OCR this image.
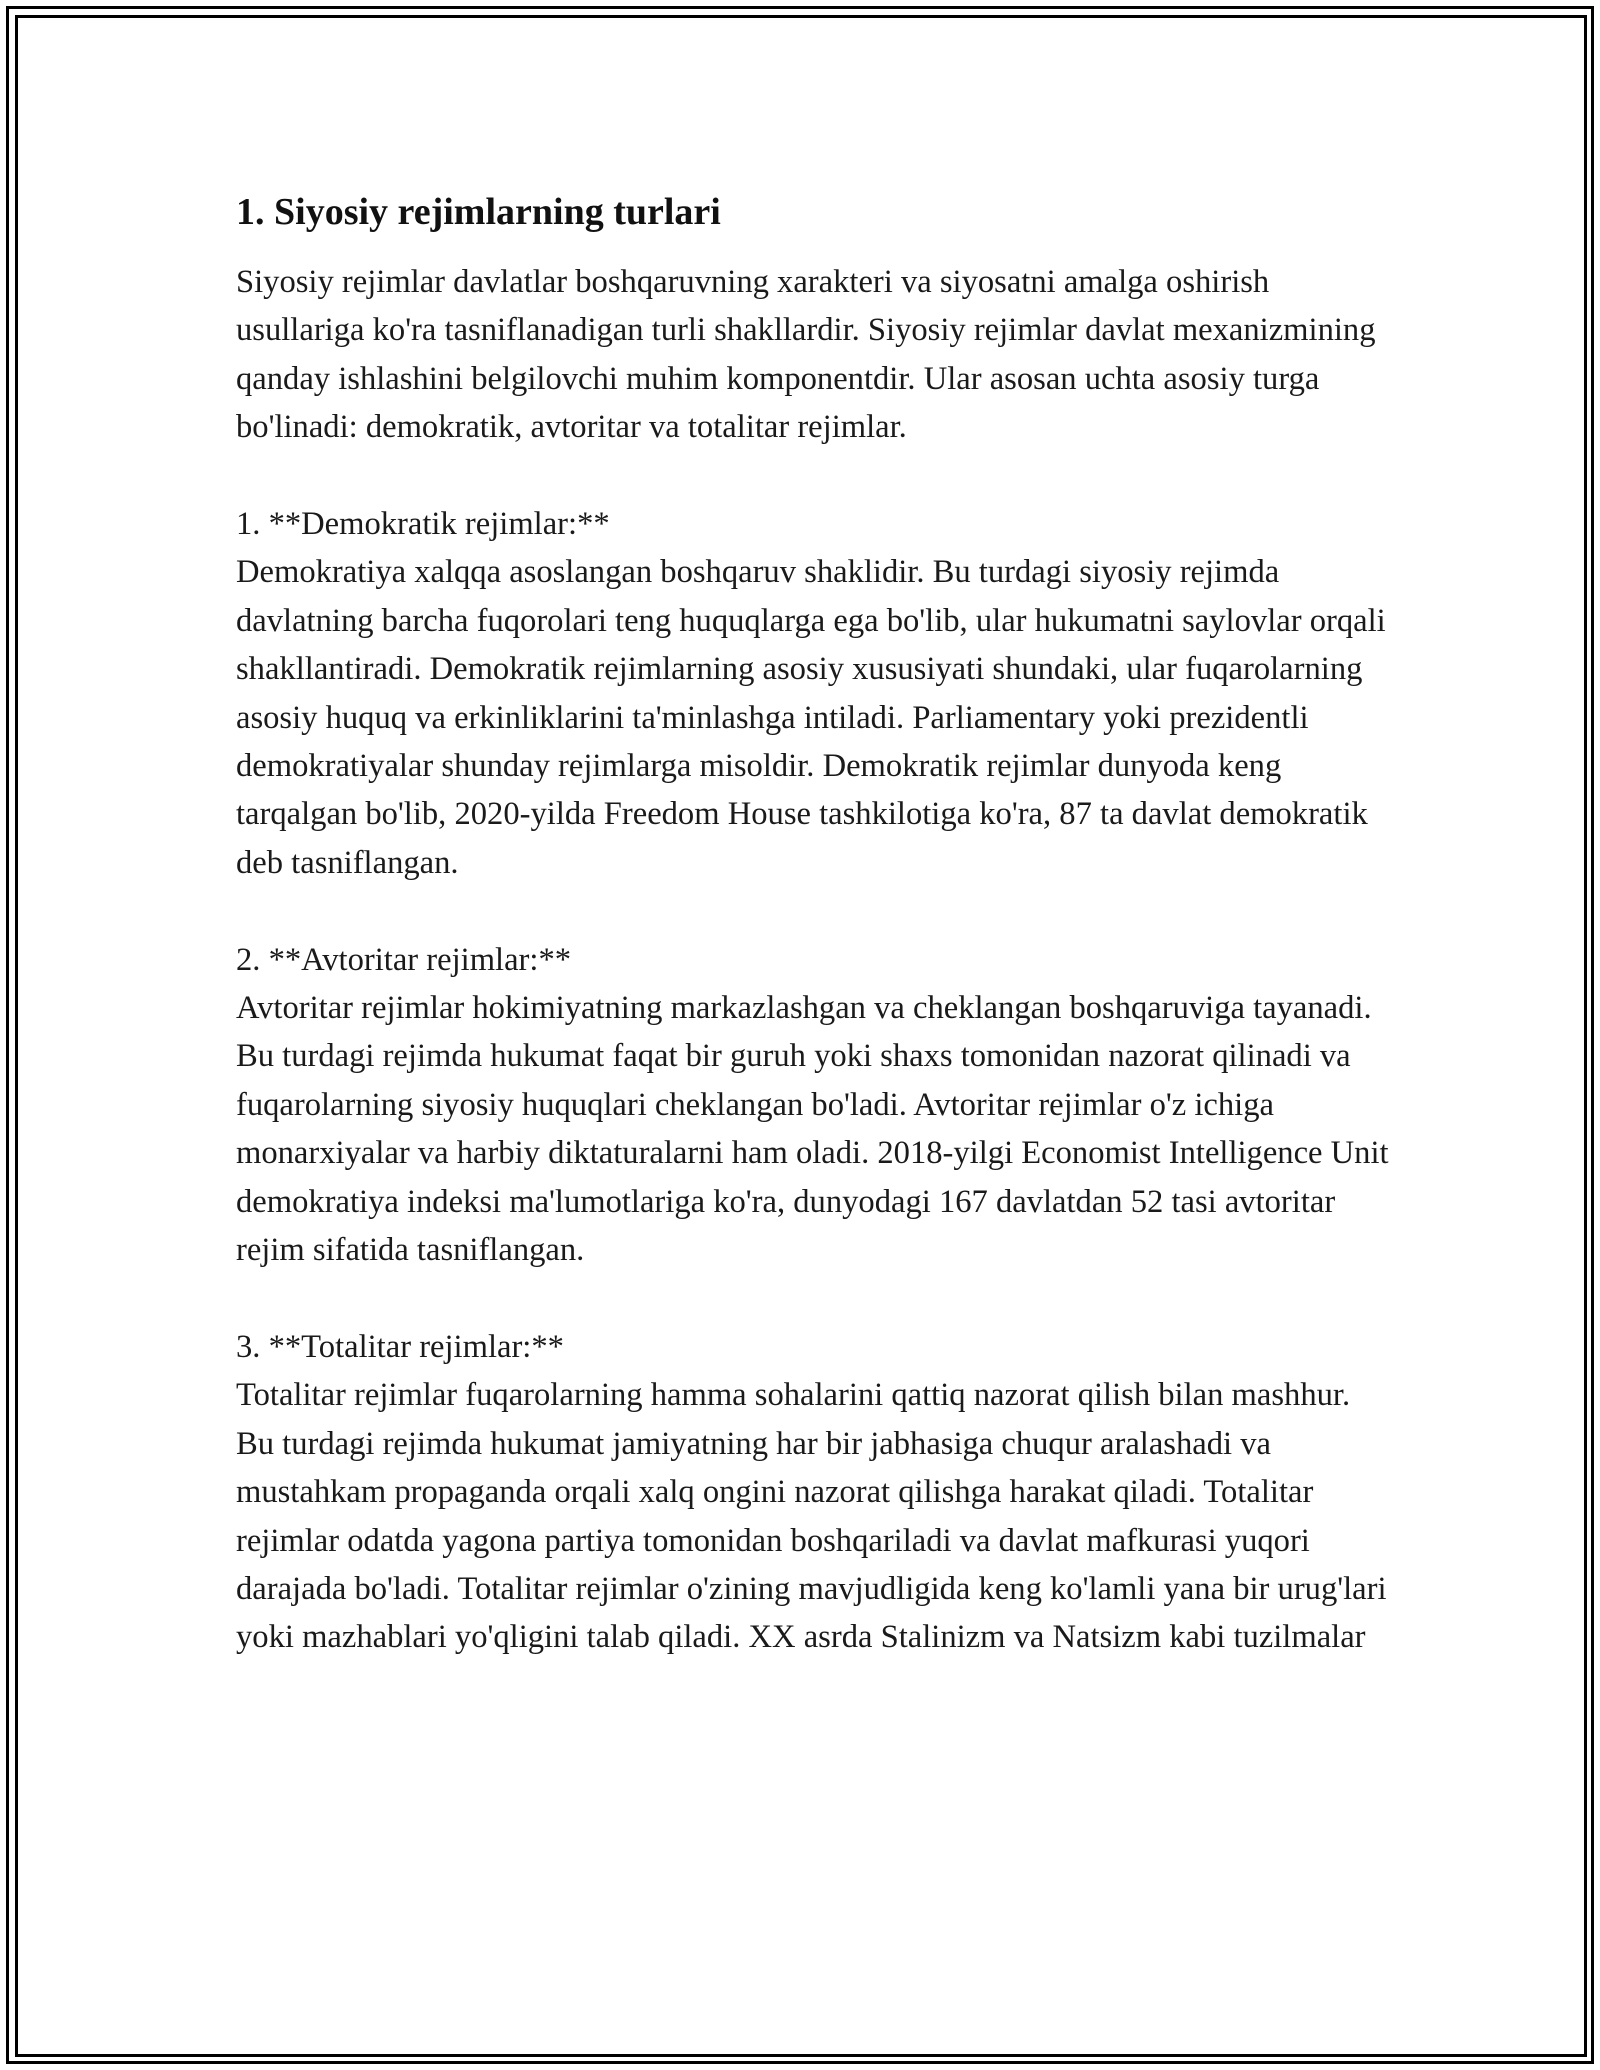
1. Siyosiy rejimlarning turlari

Siyosiy rejimlar davlatlar boshqaruvning xarakteri va siyosatni amalga oshirish usullariga ko'ra tasniflanadigan turli shakllardir. Siyosiy rejimlar davlat mexanizmining qanday ishlashini belgilovchi muhim komponentdir. Ular asosan uchta asosiy turga bo'linadi: demokratik, avtoritar va totalitar rejimlar.

1. **Demokratik rejimlar:**

Demokratiya xalqqa asoslangan boshqaruv shaklidir. Bu turdagi siyosiy rejimda davlatning barcha fuqorolari teng huquqlarga ega bo'lib, ular hukumatni saylovlar orqali shakllantiradi. Demokratik rejimlarning asosiy xususiyati shundaki, ular fuqarolarning asosiy huquq va erkinliklarini ta'minlashga intiladi. Parliamentary yoki prezidentli demokratiyalar shunday rejimlarga misoldir. Demokratik rejimlar dunyoda keng tarqalgan bo'lib, 2020-yilda Freedom House tashkilotiga ko'ra, 87 ta davlat demokratik deb tasniflangan.

2. **Avtoritar rejimlar:**

Avtoritar rejimlar hokimiyatning markazlashgan va cheklangan boshqaruviga tayanadi. Bu turdagi rejimda hukumat faqat bir guruh yoki shaxs tomonidan nazorat qilinadi va fuqarolarning siyosiy huquqlari cheklangan bo'ladi. Avtoritar rejimlar o'z ichiga monarxiyalar va harbiy diktaturalarni ham oladi. 2018-yilgi Economist Intelligence Unit demokratiya indeksi ma'lumotlariga ko'ra, dunyodagi 167 davlatdan 52 tasi avtoritar rejim sifatida tasniflangan.

3. **Totalitar rejimlar:**

Totalitar rejimlar fuqarolarning hamma sohalarini qattiq nazorat qilish bilan mashhur. Bu turdagi rejimda hukumat jamiyatning har bir jabhasiga chuqur aralashadi va mustahkam propaganda orqali xalq ongini nazorat qilishga harakat qiladi. Totalitar rejimlar odatda yagona partiya tomonidan boshqariladi va davlat mafkurasi yuqori darajada bo'ladi. Totalitar rejimlar o'zining mavjudligida keng ko'lamli yana bir urug'lari yoki mazhablari yo'qligini talab qiladi. XX asrda Stalinizm va Natsizm kabi tuzilmalar
